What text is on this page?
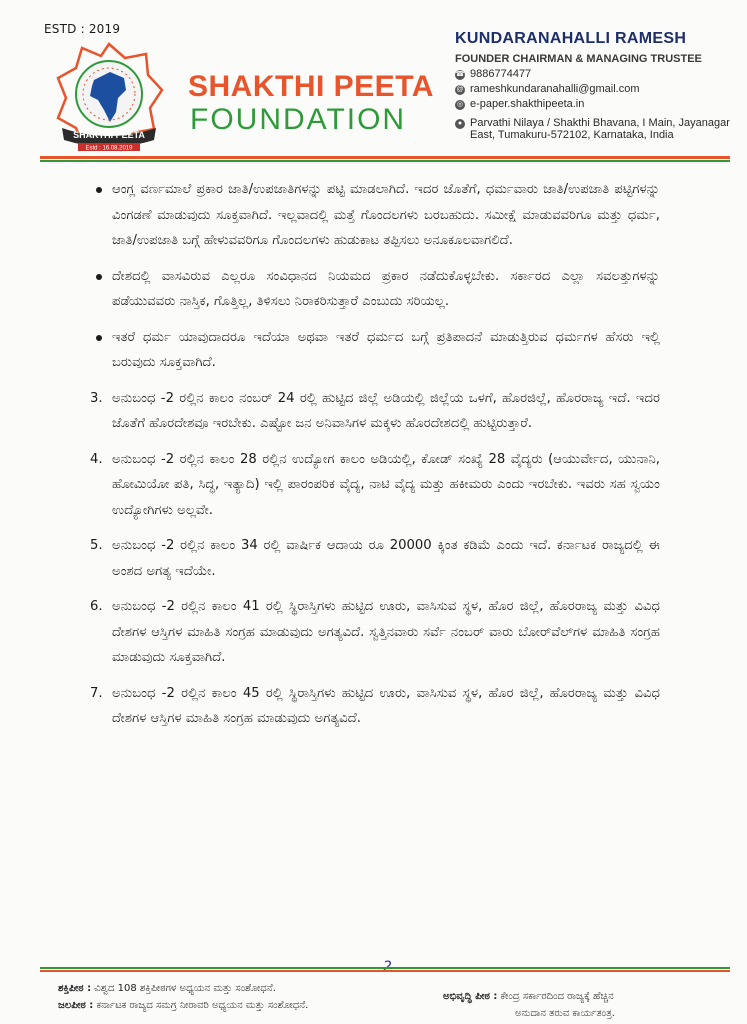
ESTD : 2019
SHAKTHI PEETA
Estd : 16.08.2019
SHAKTHI PEETA
FOUNDATION
KUNDARANAHALLI RAMESH
FOUNDER CHAIRMAN & MANAGING TRUSTEE
☎ 9886774477
@ rameshkundaranahalli@gmail.com
◎ e-paper.shakthipeeta.in
● Parvathi Nilaya / Shakthi Bhavana, I Main, Jayanagar East, Tumakuru-572102, Karnataka, India
ಆಂಗ್ಲ ವರ್ಣಮಾಲೆ ಪ್ರಕಾರ ಜಾತಿ/ಉಪಜಾತಿಗಳನ್ನು ಪಟ್ಟಿ ಮಾಡಲಾಗಿದೆ. ಇದರ ಜೊತೆಗೆ, ಧರ್ಮವಾರು ಜಾತಿ/ಉಪಜಾತಿ ಪಟ್ಟಿಗಳನ್ನು ವಿಂಗಡಣೆ ಮಾಡುವುದು ಸೂಕ್ತವಾಗಿದೆ. ಇಲ್ಲವಾದಲ್ಲಿ ಮತ್ತೆ ಗೊಂದಲಗಳು ಬರಬಹುದು. ಸಮೀಕ್ಷೆ ಮಾಡುವವರಿಗೂ ಮತ್ತು ಧರ್ಮ, ಜಾತಿ/ಉಪಜಾತಿ ಬಗ್ಗೆ ಹೇಳುವವರಿಗೂ ಗೊಂದಲಗಳು ಹುಡುಕಾಟ ತಪ್ಪಿಸಲು ಅನೂಕೂಲವಾಗಲಿದೆ.
ದೇಶದಲ್ಲಿ ವಾಸವಿರುವ ಎಲ್ಲರೂ ಸಂವಿಧಾನದ ನಿಯಮದ ಪ್ರಕಾರ ನಡೆದುಕೊಳ್ಳಬೇಕು. ಸರ್ಕಾರದ ಎಲ್ಲಾ ಸವಲತ್ತುಗಳನ್ನು ಪಡೆಯುವವರು ನಾಸ್ತಿಕ, ಗೊತ್ತಿಲ್ಲ, ತಿಳಿಸಲು ನಿರಾಕರಿಸುತ್ತಾರೆ ಎಂಬುದು ಸರಿಯಲ್ಲ.
ಇತರೆ ಧರ್ಮ ಯಾವುದಾದರೂ ಇದೆಯಾ ಅಥವಾ ಇತರೆ ಧರ್ಮದ ಬಗ್ಗೆ ಪ್ರತಿಪಾದನೆ ಮಾಡುತ್ತಿರುವ ಧರ್ಮಗಳ ಹೆಸರು ಇಲ್ಲಿ ಬರುವುದು ಸೂಕ್ತವಾಗಿದೆ.
3. ಅನುಬಂಧ -2 ರಲ್ಲಿನ ಕಾಲಂ ನಂಬರ್ 24 ರಲ್ಲಿ ಹುಟ್ಟಿದ ಜಿಲ್ಲೆ ಅಡಿಯಲ್ಲಿ ಜಿಲ್ಲೆಯ ಒಳಗೆ, ಹೊರಜಿಲ್ಲೆ, ಹೊರರಾಜ್ಯ ಇದೆ. ಇದರ ಜೊತೆಗೆ ಹೊರದೇಶವೂ ಇರಬೇಕು. ಎಷ್ಟೋ ಜನ ಅನಿವಾಸಿಗಳ ಮಕ್ಕಳು ಹೊರದೇಶದಲ್ಲಿ ಹುಟ್ಟಿರುತ್ತಾರೆ.
4. ಅನುಬಂಧ -2 ರಲ್ಲಿನ ಕಾಲಂ 28 ರಲ್ಲಿನ ಉದ್ಯೋಗ ಕಾಲಂ ಅಡಿಯಲ್ಲಿ, ಕೋಡ್ ಸಂಖ್ಯೆ 28 ವೈದ್ಯರು (ಆಯುರ್ವೇದ, ಯುನಾನಿ, ಹೋಮಿಯೋ ಪತಿ, ಸಿದ್ಧ, ಇತ್ಯಾದಿ) ಇಲ್ಲಿ ಪಾರಂಪರಿಕ ವೈದ್ಯ, ನಾಟಿ ವೈದ್ಯ ಮತ್ತು ಹಕೀಮರು ಎಂದು ಇರಬೇಕು. ಇವರು ಸಹ ಸ್ವಯಂ ಉದ್ಯೋಗಿಗಳು ಅಲ್ಲವೇ.
5. ಅನುಬಂಧ -2 ರಲ್ಲಿನ ಕಾಲಂ 34 ರಲ್ಲಿ ವಾರ್ಷಿಕ ಆದಾಯ ರೂ 20000 ಕ್ಕಿಂತ ಕಡಿಮೆ ಎಂದು ಇದೆ. ಕರ್ನಾಟಕ ರಾಜ್ಯದಲ್ಲಿ ಈ ಅಂಶದ ಅಗತ್ಯ ಇದೆಯೇ.
6. ಅನುಬಂಧ -2 ರಲ್ಲಿನ ಕಾಲಂ 41 ರಲ್ಲಿ ಸ್ಥಿರಾಸ್ತಿಗಳು ಹುಟ್ಟಿದ ಊರು, ವಾಸಿಸುವ ಸ್ಥಳ, ಹೊರ ಜಿಲ್ಲೆ, ಹೊರರಾಜ್ಯ ಮತ್ತು ವಿವಿಧ ದೇಶಗಳ ಆಸ್ತಿಗಳ ಮಾಹಿತಿ ಸಂಗ್ರಹ ಮಾಡುವುದು ಅಗತ್ಯವಿದೆ. ಸ್ವತ್ತಿನವಾರು ಸರ್ವೆ ನಂಬರ್ ವಾರು ಬೋರ್‌ವೆಲ್‌ಗಳ ಮಾಹಿತಿ ಸಂಗ್ರಹ ಮಾಡುವುದು ಸೂಕ್ತವಾಗಿದೆ.
7. ಅನುಬಂಧ -2 ರಲ್ಲಿನ ಕಾಲಂ 45 ರಲ್ಲಿ ಸ್ಥಿರಾಸ್ತಿಗಳು ಹುಟ್ಟಿದ ಊರು, ವಾಸಿಸುವ ಸ್ಥಳ, ಹೊರ ಜಿಲ್ಲೆ, ಹೊರರಾಜ್ಯ ಮತ್ತು ವಿವಿಧ ದೇಶಗಳ ಆಸ್ತಿಗಳ ಮಾಹಿತಿ ಸಂಗ್ರಹ ಮಾಡುವುದು ಅಗತ್ಯವಿದೆ.
ಶಕ್ತಿಪೀಠ : ವಿಶ್ವದ 108 ಶಕ್ತಿಪೀಠಗಳ ಅಧ್ಯಯನ ಮತ್ತು ಸಂಶೋಧನೆ.
ಜಲಪೀಠ : ಕರ್ನಾಟಕ ರಾಜ್ಯದ ಸಮಗ್ರ ನೀರಾವರಿ ಅಧ್ಯಯನ ಮತ್ತು ಸಂಶೋಧನೆ.
ಅಭಿವೃದ್ಧಿ ಪೀಠ : ಕೇಂದ್ರ ಸರ್ಕಾರದಿಂದ ರಾಜ್ಯಕ್ಕೆ ಹೆಚ್ಚಿನ
ಅನುದಾನ ತರುವ ಕಾರ್ಯತಂತ್ರ.
